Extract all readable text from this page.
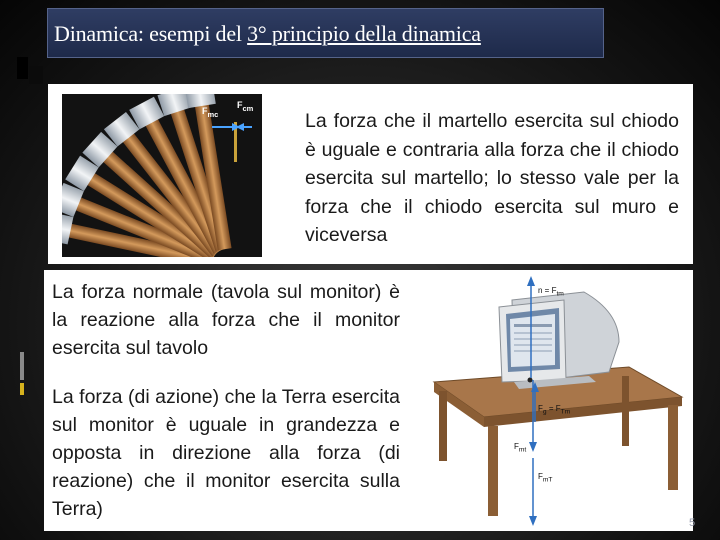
Dinamica: esempi del 3° principio della dinamica
$F_{mc}$
$F_{cm}$
La forza che il martello esercita sul chiodo è uguale e contraria alla forza che il chiodo esercita sul martello; lo stesso vale per la forza che il chiodo esercita sul muro e viceversa
La forza normale (tavola sul monitor) è la reazione alla forza che il monitor esercita sul tavolo
La forza (di azione) che la Terra esercita sul monitor è uguale in grandezza e opposta in direzione alla forza (di reazione) che il monitor esercita sulla Terra)
$n = F_{tm}$
$F_g = F_{Tm}$
$F_{mt}$
$F_{mT}$
5
